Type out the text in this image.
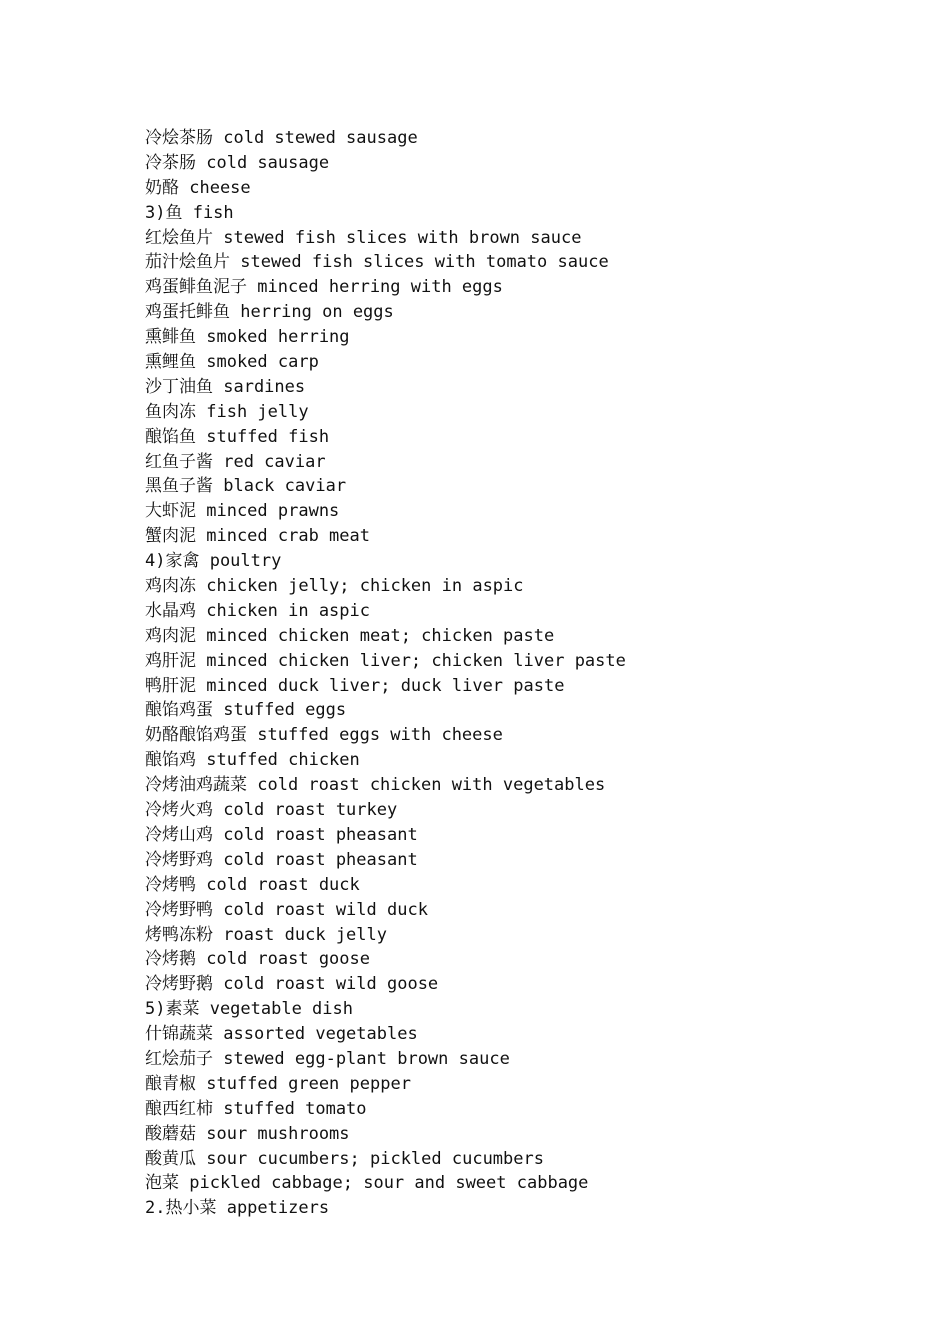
冷烩茶肠 cold stewed sausage
冷茶肠 cold sausage
奶酪 cheese
3)鱼 fish
红烩鱼片 stewed fish slices with brown sauce
茄汁烩鱼片 stewed fish slices with tomato sauce
鸡蛋鲱鱼泥子 minced herring with eggs
鸡蛋托鲱鱼 herring on eggs
熏鲱鱼 smoked herring
熏鲤鱼 smoked carp
沙丁油鱼 sardines
鱼肉冻 fish jelly
酿馅鱼 stuffed fish
红鱼子酱 red caviar
黑鱼子酱 black caviar
大虾泥 minced prawns
蟹肉泥 minced crab meat
4)家禽 poultry
鸡肉冻 chicken jelly; chicken in aspic
水晶鸡 chicken in aspic
鸡肉泥 minced chicken meat; chicken paste
鸡肝泥 minced chicken liver; chicken liver paste
鸭肝泥 minced duck liver; duck liver paste
酿馅鸡蛋 stuffed eggs
奶酪酿馅鸡蛋 stuffed eggs with cheese
酿馅鸡 stuffed chicken
冷烤油鸡蔬菜 cold roast chicken with vegetables
冷烤火鸡 cold roast turkey
冷烤山鸡 cold roast pheasant
冷烤野鸡 cold roast pheasant
冷烤鸭 cold roast duck
冷烤野鸭 cold roast wild duck
烤鸭冻粉 roast duck jelly
冷烤鹅 cold roast goose
冷烤野鹅 cold roast wild goose
5)素菜 vegetable dish
什锦蔬菜 assorted vegetables
红烩茄子 stewed egg-plant brown sauce
酿青椒 stuffed green pepper
酿西红柿 stuffed tomato
酸蘑菇 sour mushrooms
酸黄瓜 sour cucumbers; pickled cucumbers
泡菜 pickled cabbage; sour and sweet cabbage
2.热小菜 appetizers
